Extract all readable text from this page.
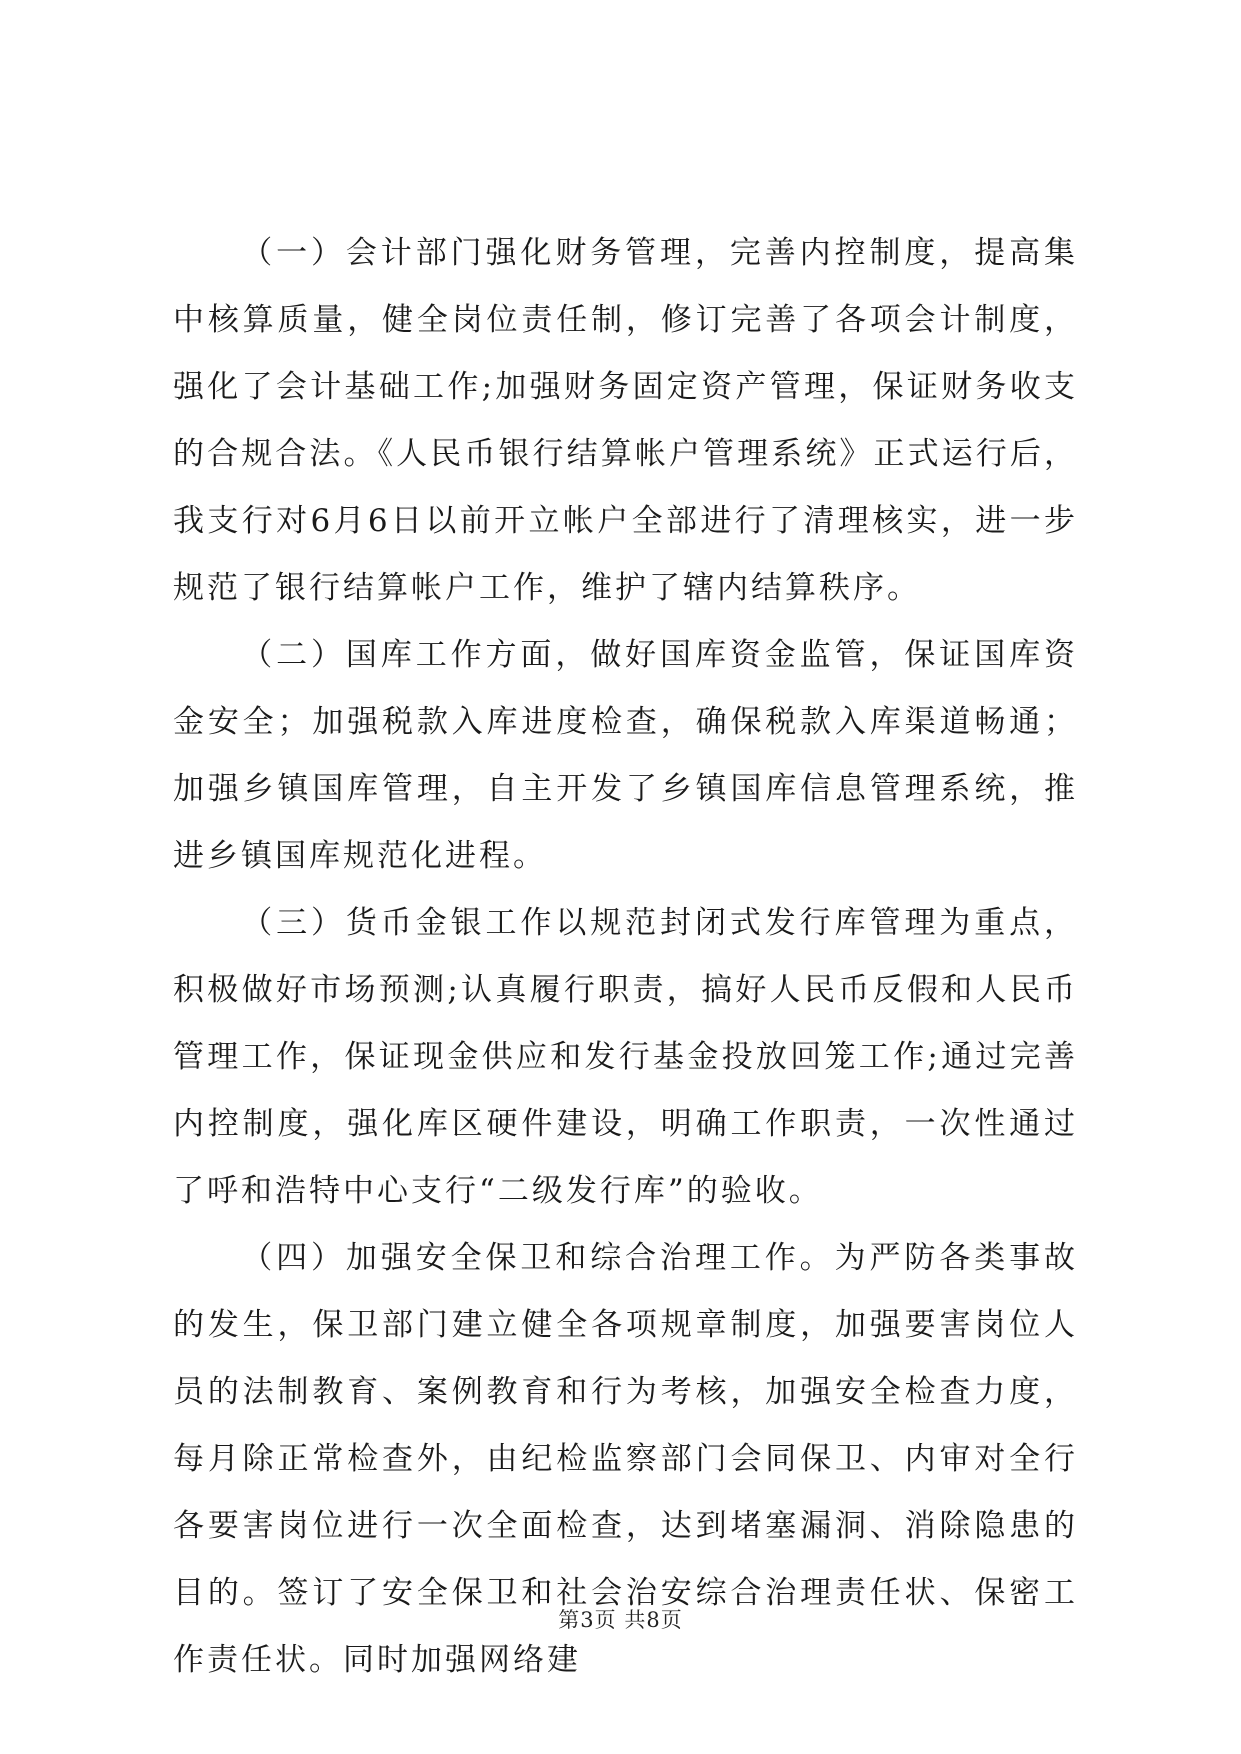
（一）会计部门强化财务管理，完善内控制度，提高集中核算质量，健全岗位责任制，修订完善了各项会计制度，强化了会计基础工作;加强财务固定资产管理，保证财务收支的合规合法。《人民币银行结算帐户管理系统》正式运行后，我支行对6月6日以前开立帐户全部进行了清理核实，进一步规范了银行结算帐户工作，维护了辖内结算秩序。

（二）国库工作方面，做好国库资金监管，保证国库资金安全；加强税款入库进度检查，确保税款入库渠道畅通；加强乡镇国库管理，自主开发了乡镇国库信息管理系统，推进乡镇国库规范化进程。

（三）货币金银工作以规范封闭式发行库管理为重点，积极做好市场预测;认真履行职责，搞好人民币反假和人民币管理工作，保证现金供应和发行基金投放回笼工作;通过完善内控制度，强化库区硬件建设，明确工作职责，一次性通过了呼和浩特中心支行“二级发行库”的验收。

（四）加强安全保卫和综合治理工作。为严防各类事故的发生，保卫部门建立健全各项规章制度，加强要害岗位人员的法制教育、案例教育和行为考核，加强安全检查力度，每月除正常检查外，由纪检监察部门会同保卫、内审对全行各要害岗位进行一次全面检查，达到堵塞漏洞、消除隐患的目的。签订了安全保卫和社会治安综合治理责任状、保密工作责任状。同时加强网络建

第3页 共8页
